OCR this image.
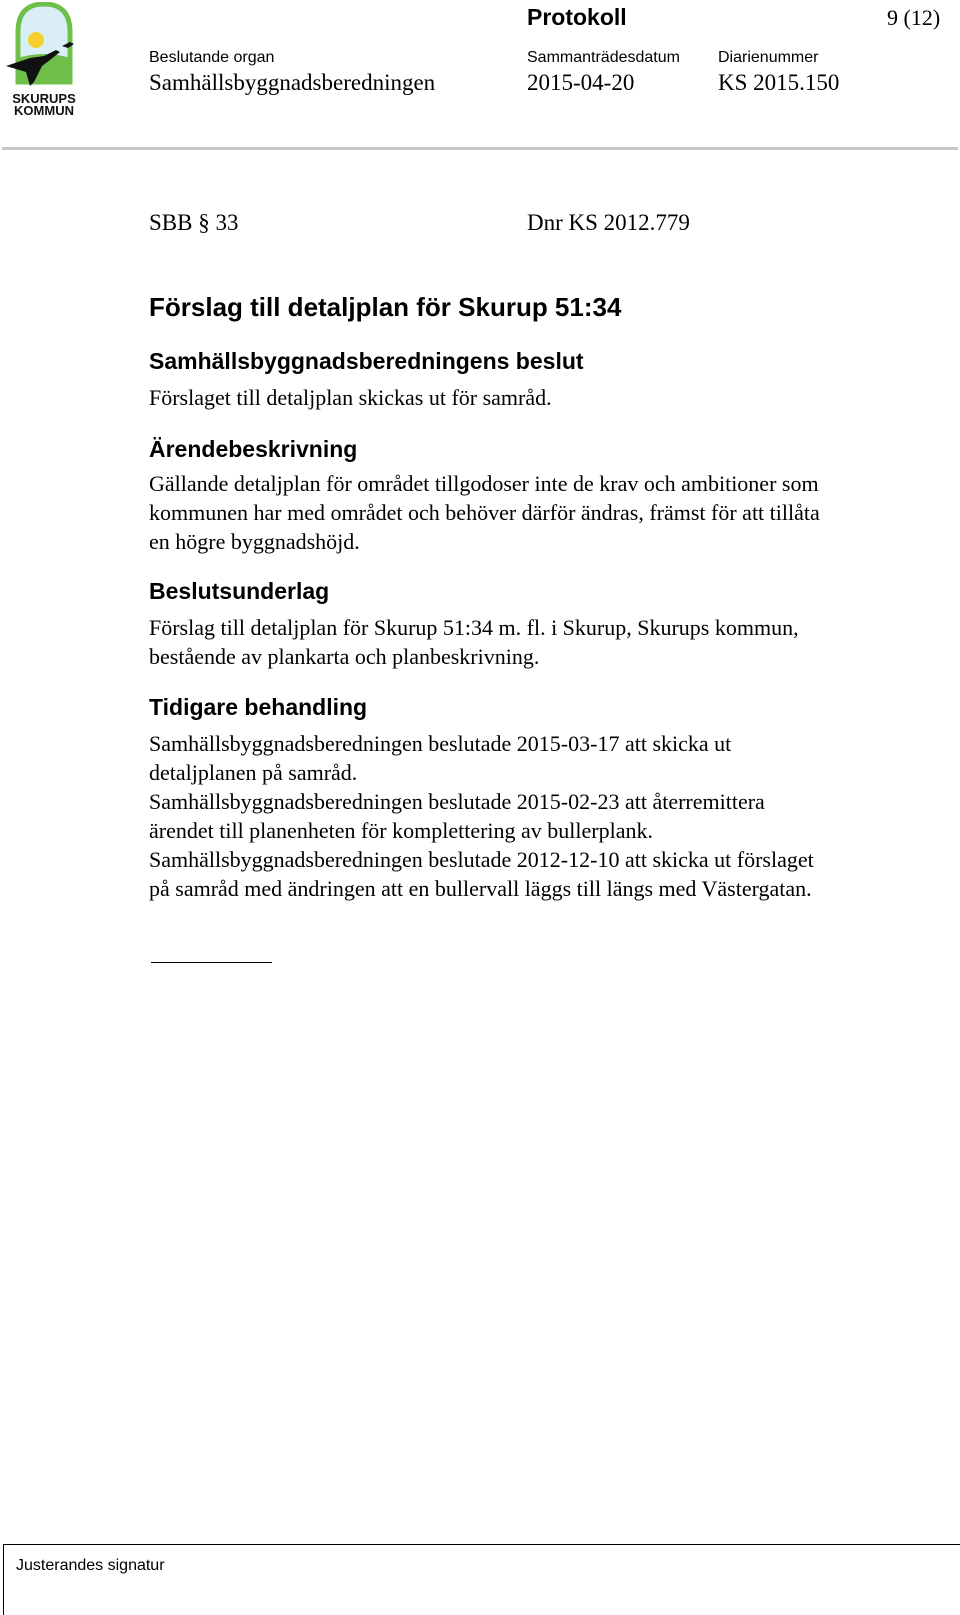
SKURUPS
KOMMUN
Protokoll	9 (12)
Beslutande organ
Samhällsbyggnadsberedningen
Sammanträdesdatum
2015-04-20
Diarienummer
KS 2015.150
SBB § 33	Dnr KS 2012.779
Förslag till detaljplan för Skurup 51:34
Samhällsbyggnadsberedningens beslut

Förslaget till detaljplan skickas ut för samråd.

Ärendebeskrivning

Gällande detaljplan för området tillgodoser inte de krav och ambitioner som
kommunen har med området och behöver därför ändras, främst för att tillåta
en högre byggnadshöjd.

Beslutsunderlag

Förslag till detaljplan för Skurup 51:34 m. fl. i Skurup, Skurups kommun,
bestående av plankarta och planbeskrivning.

Tidigare behandling

Samhällsbyggnadsberedningen beslutade 2015-03-17 att skicka ut
detaljplanen på samråd.
Samhällsbyggnadsberedningen beslutade 2015-02-23 att återremittera
ärendet till planenheten för komplettering av bullerplank.
Samhällsbyggnadsberedningen beslutade 2012-12-10 att skicka ut förslaget
på samråd med ändringen att en bullervall läggs till längs med Västergatan.

Justerandes signatur
